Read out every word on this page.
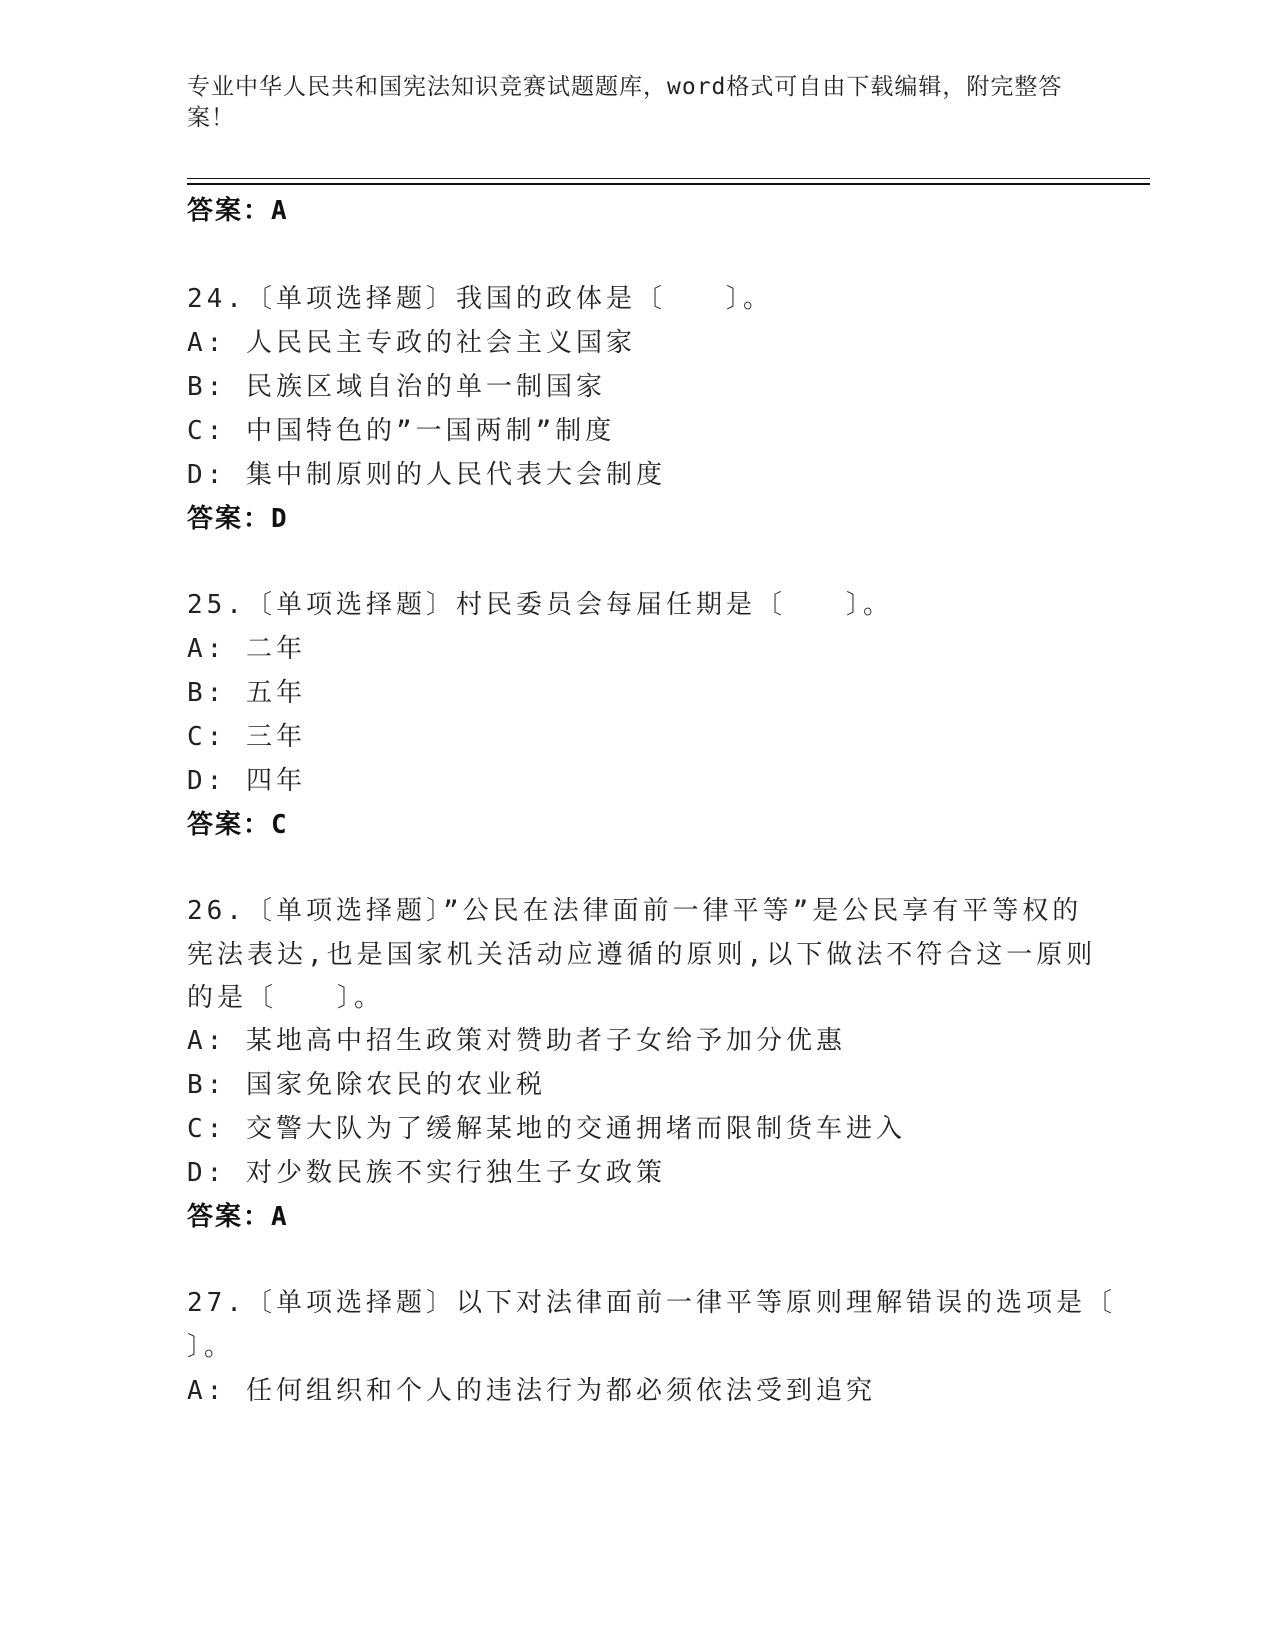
专业中华人民共和国宪法知识竞赛试题题库，word格式可自由下载编辑，附完整答案！
答案：A
24.〔单项选择题〕我国的政体是〔　　〕。
A: 人民民主专政的社会主义国家
B: 民族区域自治的单一制国家
C: 中国特色的”一国两制”制度
D: 集中制原则的人民代表大会制度
答案：D
25.〔单项选择题〕村民委员会每届任期是〔　　〕。
A: 二年
B: 五年
C: 三年
D: 四年
答案：C
26.〔单项选择题〕”公民在法律面前一律平等”是公民享有平等权的
宪法表达,也是国家机关活动应遵循的原则,以下做法不符合这一原则
的是〔　　〕。
A: 某地高中招生政策对赞助者子女给予加分优惠
B: 国家免除农民的农业税
C: 交警大队为了缓解某地的交通拥堵而限制货车进入
D: 对少数民族不实行独生子女政策
答案：A
27.〔单项选择题〕以下对法律面前一律平等原则理解错误的选项是〔
〕。
A: 任何组织和个人的违法行为都必须依法受到追究
